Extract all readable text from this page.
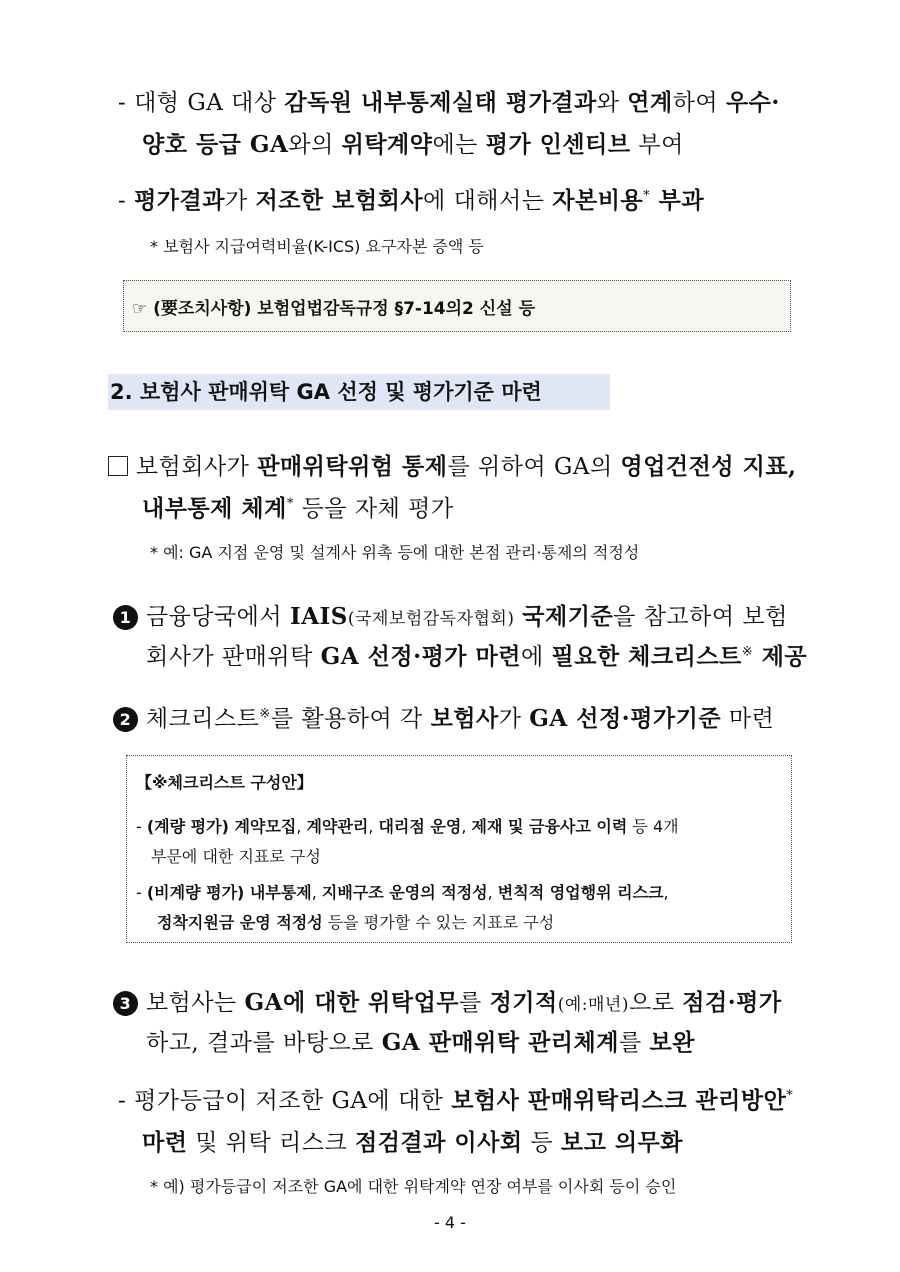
- 대형 GA 대상 감독원 내부통제실태 평가결과와 연계하여 우수·
양호 등급 GA와의 위탁계약에는 평가 인센티브 부여
- 평가결과가 저조한 보험회사에 대해서는 자본비용* 부과
* 보험사 지급여력비율(K-ICS) 요구자본 증액 등
☞ (要조치사항) 보험업법감독규정 §7-14의2 신설 등
2. 보험사 판매위탁 GA 선정 및 평가기준 마련
보험회사가 판매위탁위험 통제를 위하여 GA의 영업건전성 지표,
내부통제 체계* 등을 자체 평가
* 예: GA 지점 운영 및 설계사 위촉 등에 대한 본점 관리·통제의 적정성
1 금융당국에서 IAIS(국제보험감독자협회) 국제기준을 참고하여 보험
회사가 판매위탁 GA 선정·평가 마련에 필요한 체크리스트※ 제공
2 체크리스트※를 활용하여 각 보험사가 GA 선정·평가기준 마련
【※체크리스트 구성안】
- (계량 평가) 계약모집, 계약관리, 대리점 운영, 제재 및 금융사고 이력 등 4개
부문에 대한 지표로 구성
- (비계량 평가) 내부통제, 지배구조 운영의 적정성, 변칙적 영업행위 리스크,
정착지원금 운영 적정성 등을 평가할 수 있는 지표로 구성
3 보험사는 GA에 대한 위탁업무를 정기적(예:매년)으로 점검·평가
하고, 결과를 바탕으로 GA 판매위탁 관리체계를 보완
- 평가등급이 저조한 GA에 대한 보험사 판매위탁리스크 관리방안*
마련 및 위탁 리스크 점검결과 이사회 등 보고 의무화
* 예) 평가등급이 저조한 GA에 대한 위탁계약 연장 여부를 이사회 등이 승인
- 4 -
